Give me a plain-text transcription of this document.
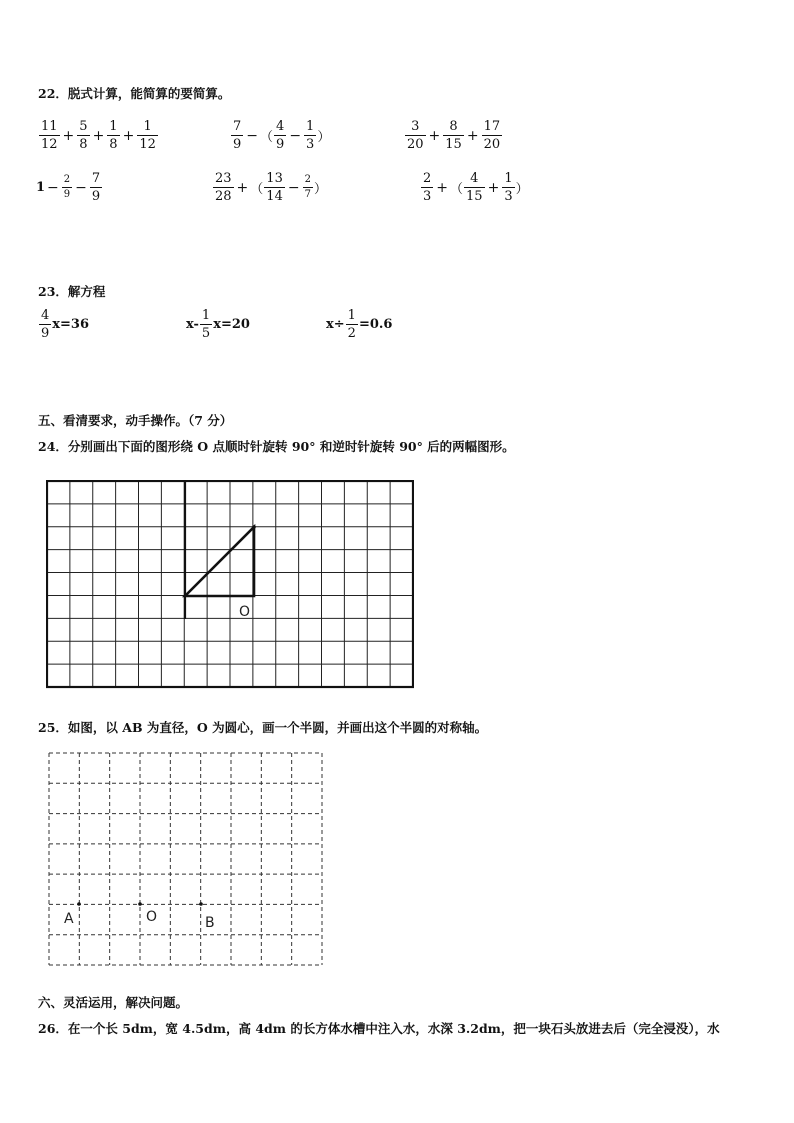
22．脱式计算，能简算的要简算。
$\frac{11}{12} + \frac{5}{8} + \frac{1}{8} + \frac{1}{12}$	$\frac{7}{9}$ − （ $\frac{4}{9} - \frac{1}{3}$ ）	$\frac{3}{20} + \frac{8}{15} + \frac{17}{20}$
$1 - \frac{2}{9} - \frac{7}{9}$	$\frac{23}{28}$ + （ $\frac{13}{14} - \frac{2}{7}$ ）	$\frac{2}{3}$ + （ $\frac{4}{15} + \frac{1}{3}$ ）
23．解方程
$\frac{4}{9} x=36$	$x- \frac{1}{5} x=20$	$x\div \frac{1}{2} =0.6$
五、看清要求，动手操作。（7 分）
24．分别画出下面的图形绕 O 点顺时针旋转 90° 和逆时针旋转 90° 后的两幅图形。
O
25．如图，以 AB 为直径，O 为圆心，画一个半圆，并画出这个半圆的对称轴。
A	O	B
六、灵活运用，解决问题。
26．在一个长 5dm，宽 4.5dm，高 4dm 的长方体水槽中注入水，水深 3.2dm，把一块石头放进去后（完全浸没），水
